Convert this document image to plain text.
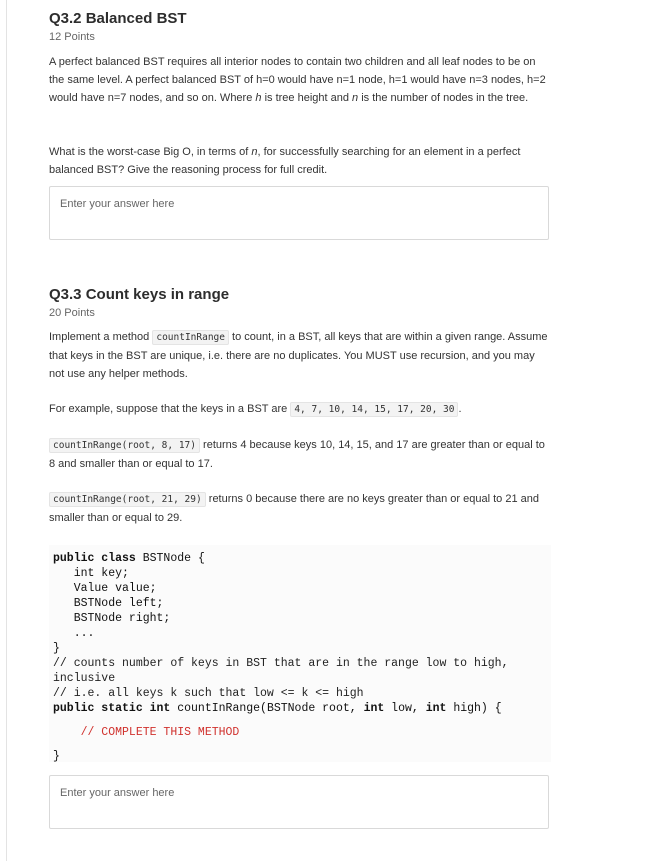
Q3.2 Balanced BST
12 Points

A perfect balanced BST requires all interior nodes to contain two children and all leaf nodes to be on the same level. A perfect balanced BST of h=0 would have n=1 node, h=1 would have n=3 nodes, h=2 would have n=7 nodes, and so on. Where h is tree height and n is the number of nodes in the tree.

What is the worst-case Big O, in terms of n, for successfully searching for an element in a perfect balanced BST? Give the reasoning process for full credit.

Enter your answer here
Q3.3 Count keys in range
20 Points

Implement a method countInRange to count, in a BST, all keys that are within a given range. Assume that keys in the BST are unique, i.e. there are no duplicates. You MUST use recursion, and you may not use any helper methods.

For example, suppose that the keys in a BST are 4, 7, 10, 14, 15, 17, 20, 30 .

countInRange(root, 8, 17) returns 4 because keys 10, 14, 15, and 17 are greater than or equal to 8 and smaller than or equal to 17.

countInRange(root, 21, 29) returns 0 because there are no keys greater than or equal to 21 and smaller than or equal to 29.

public class BSTNode {
int key;
Value value;
BSTNode left;
BSTNode right;
...
}
// counts number of keys in BST that are in the range low to high,
inclusive
// i.e. all keys k such that low <= k <= high
public static int countInRange(BSTNode root, int low, int high) {
// COMPLETE THIS METHOD
}
Enter your answer here
